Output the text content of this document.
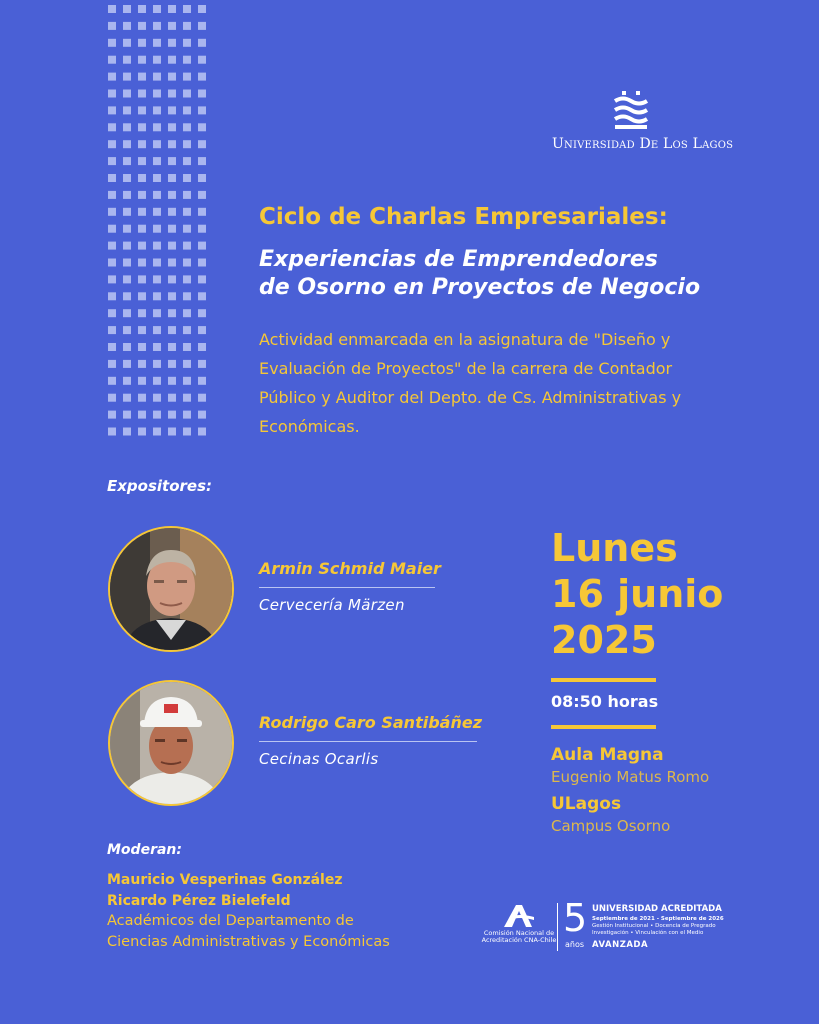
Universidad De Los Lagos
Ciclo de Charlas Empresariales:
Experiencias de Emprendedores
de Osorno en Proyectos de Negocio
Actividad enmarcada en la asignatura de "Diseño y Evaluación de Proyectos" de la carrera de Contador Público y Auditor del Depto. de Cs. Administrativas y Económicas.
Expositores:
Armin Schmid Maier
Cervecería Märzen
Rodrigo Caro Santibáñez
Cecinas Ocarlis
Lunes
16 junio
2025
08:50 horas
Aula Magna
Eugenio Matus Romo
ULagos
Campus Osorno
Moderan:
Mauricio Vesperinas González
Ricardo Pérez Bielefeld
Académicos del Departamento de
Ciencias Administrativas y Económicas
Comisión Nacional de Acreditación CNA-Chile 5
años
UNIVERSIDAD ACREDITADA
Septiembre de 2021 - Septiembre de 2026
Gestión Institucional • Docencia de Pregrado
Investigación • Vinculación con el Medio
AVANZADA
